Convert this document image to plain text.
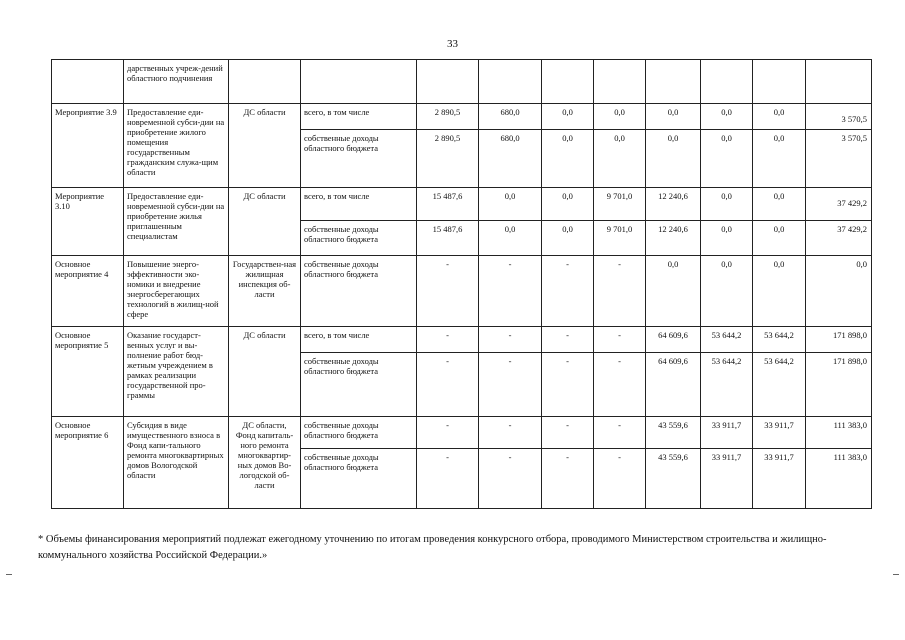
33
	дарственных учреж-дений областного подчинения										
Мероприятие 3.9	Предоставление еди-новременной субси-дии на приобретение жилого помещения государственным гражданским служа-щим области	ДС области	всего, в том числе	2 890,5	680,0	0,0	0,0	0,0	0,0	0,0	3 570,5
			собственные доходы областного бюджета	2 890,5	680,0	0,0	0,0	0,0	0,0	0,0	3 570,5
Мероприятие 3.10	Предоставление еди-новременной субси-дии на приобретение жилья приглашенным специалистам	ДС области	всего, в том числе	15 487,6	0,0	0,0	9 701,0	12 240,6	0,0	0,0	37 429,2
			собственные доходы областного бюджета	15 487,6	0,0	0,0	9 701,0	12 240,6	0,0	0,0	37 429,2
Основное мероприятие 4	Повышение энерго-эффективности эко-номики и внедрение энергосберегающих технологий в жилищ-ной сфере	Государствен-ная жилищная инспекция об-ласти	собственные доходы областного бюджета	-	-	-	-	0,0	0,0	0,0	0,0
Основное мероприятие 5	Оказание государст-венных услуг и вы-полнение работ бюд-жетным учреждением в рамках реализации государственной про-граммы	ДС области	всего, в том числе	-	-	-	-	64 609,6	53 644,2	53 644,2	171 898,0
			собственные доходы областного бюджета	-	-	-	-	64 609,6	53 644,2	53 644,2	171 898,0
Основное мероприятие 6	Субсидия в виде имущественного взноса в Фонд капи-тального ремонта многоквартирных домов Вологодской области	ДС области, Фонд капиталь-ного ремонта многоквартир-ных домов Во-логодской об-ласти	собственные доходы областного бюджета	-	-	-	-	43 559,6	33 911,7	33 911,7	111 383,0
			собственные доходы областного бюджета	-	-	-	-	43 559,6	33 911,7	33 911,7	111 383,0
* Объемы финансирования мероприятий подлежат ежегодному уточнению по итогам проведения конкурсного отбора, проводимого Министерством строительства и жилищно-коммунального хозяйства Российской Федерации.»
